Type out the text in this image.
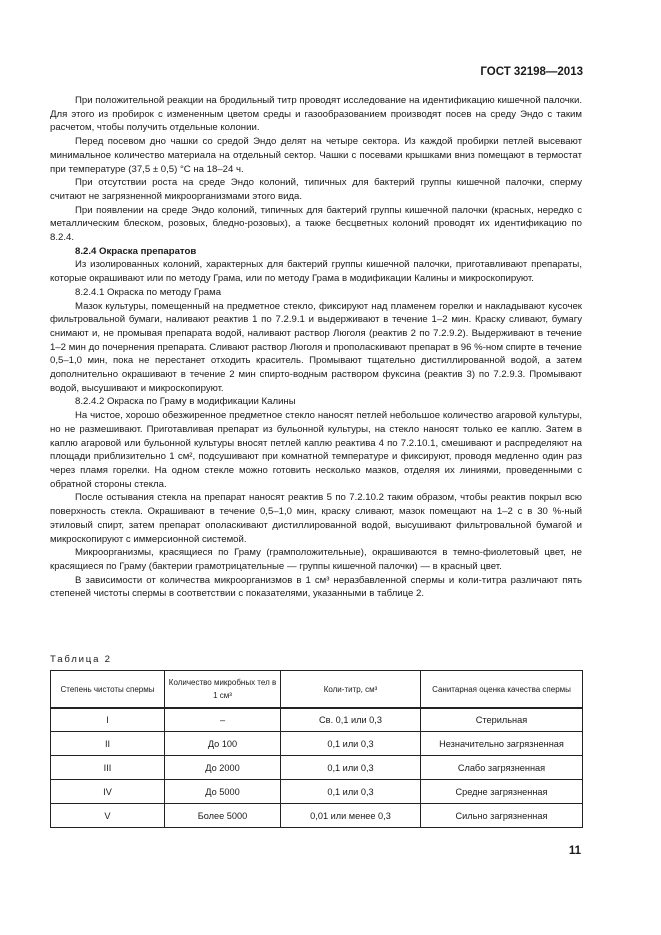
ГОСТ 32198—2013

При положительной реакции на бродильный титр проводят исследование на идентификацию кишечной палочки. Для этого из пробирок с измененным цветом среды и газообразованием производят посев на среду Эндо с таким расчетом, чтобы получить отдельные колонии.

Перед посевом дно чашки со средой Эндо делят на четыре сектора. Из каждой пробирки петлей высевают минимальное количество материала на отдельный сектор. Чашки с посевами крышками вниз помещают в термостат при температуре (37,5 ± 0,5) °С на 18–24 ч.

При отсутствии роста на среде Эндо колоний, типичных для бактерий группы кишечной палочки, сперму считают не загрязненной микроорганизмами этого вида.

При появлении на среде Эндо колоний, типичных для бактерий группы кишечной палочки (красных, нередко с металлическим блеском, розовых, бледно-розовых), а также бесцветных колоний проводят их идентификацию по 8.2.4.

8.2.4 Окраска препаратов

Из изолированных колоний, характерных для бактерий группы кишечной палочки, приготавливают препараты, которые окрашивают или по методу Грама, или по методу Грама в модификации Калины и микроскопируют.

8.2.4.1 Окраска по методу Грама

Мазок культуры, помещенный на предметное стекло, фиксируют над пламенем горелки и накладывают кусочек фильтровальной бумаги, наливают реактив 1 по 7.2.9.1 и выдерживают в течение 1–2 мин. Краску сливают, бумагу снимают и, не промывая препарата водой, наливают раствор Люголя (реактив 2 по 7.2.9.2). Выдерживают в течение 1–2 мин до почернения препарата. Сливают раствор Люголя и прополаскивают препарат в 96 %-ном спирте в течение 0,5–1,0 мин, пока не перестанет отходить краситель. Промывают тщательно дистиллированной водой, а затем дополнительно окрашивают в течение 2 мин спирто-водным раствором фуксина (реактив 3) по 7.2.9.3. Промывают водой, высушивают и микроскопируют.

8.2.4.2 Окраска по Граму в модификации Калины

На чистое, хорошо обезжиренное предметное стекло наносят петлей небольшое количество агаровой культуры, но не размешивают. Приготавливая препарат из бульонной культуры, на стекло наносят только ее каплю. Затем в каплю агаровой или бульонной культуры вносят петлей каплю реактива 4 по 7.2.10.1, смешивают и распределяют на площади приблизительно 1 см², подсушивают при комнатной температуре и фиксируют, проводя медленно один раз через пламя горелки. На одном стекле можно готовить несколько мазков, отделяя их линиями, проведенными с обратной стороны стекла.

После остывания стекла на препарат наносят реактив 5 по 7.2.10.2 таким образом, чтобы реактив покрыл всю поверхность стекла. Окрашивают в течение 0,5–1,0 мин, краску сливают, мазок помещают на 1–2 с в 30 %-ный этиловый спирт, затем препарат ополаскивают дистиллированной водой, высушивают фильтровальной бумагой и микроскопируют с иммерсионной системой.

Микроорганизмы, красящиеся по Граму (грамположительные), окрашиваются в темно-фиолетовый цвет, не красящиеся по Граму (бактерии грамотрицательные — группы кишечной палочки) — в красный цвет.

В зависимости от количества микроорганизмов в 1 см³ неразбавленной спермы и коли-титра различают пять степеней чистоты спермы в соответствии с показателями, указанными в таблице 2.

Таблица 2
Степень чистоты спермы	Количество микробных тел в 1 см³	Коли-титр, см³	Санитарная оценка качества спермы
I	–	Св. 0,1 или 0,3	Стерильная
II	До 100	0,1 или 0,3	Незначительно загрязненная
III	До 2000	0,1 или 0,3	Слабо загрязненная
IV	До 5000	0,1 или 0,3	Средне загрязненная
V	Более 5000	0,01 или менее 0,3	Сильно загрязненная
11
